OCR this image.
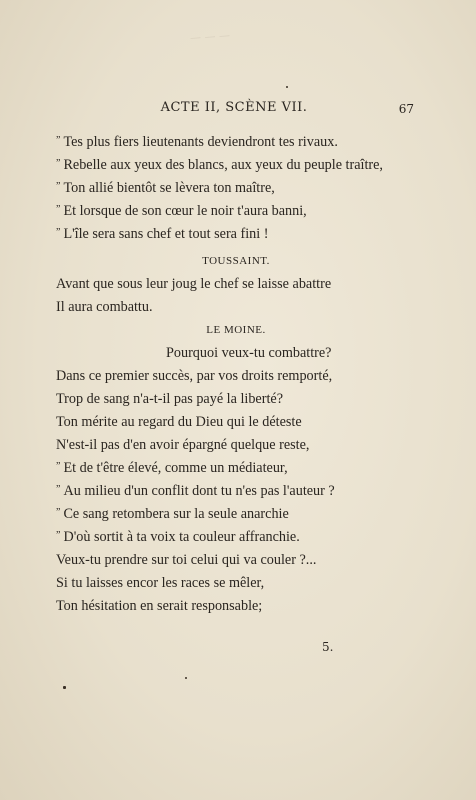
— — —
ACTE II, SCÈNE VII.	67
” Tes plus fiers lieutenants deviendront tes rivaux.
” Rebelle aux yeux des blancs, aux yeux du peuple traître,
” Ton allié bientôt se lèvera ton maître,
” Et lorsque de son cœur le noir t'aura banni,
” L'île sera sans chef et tout sera fini !
TOUSSAINT.
Avant que sous leur joug le chef se laisse abattre
Il aura combattu.
LE MOINE.
Pourquoi veux-tu combattre?
Dans ce premier succès, par vos droits remporté,
Trop de sang n'a-t-il pas payé la liberté?
Ton mérite au regard du Dieu qui le déteste
N'est-il pas d'en avoir épargné quelque reste,
” Et de t'être élevé, comme un médiateur,
” Au milieu d'un conflit dont tu n'es pas l'auteur ?
” Ce sang retombera sur la seule anarchie
” D'où sortit à ta voix ta couleur affranchie.
Veux-tu prendre sur toi celui qui va couler ?...
Si tu laisses encor les races se mêler,
Ton hésitation en serait responsable;
5.
